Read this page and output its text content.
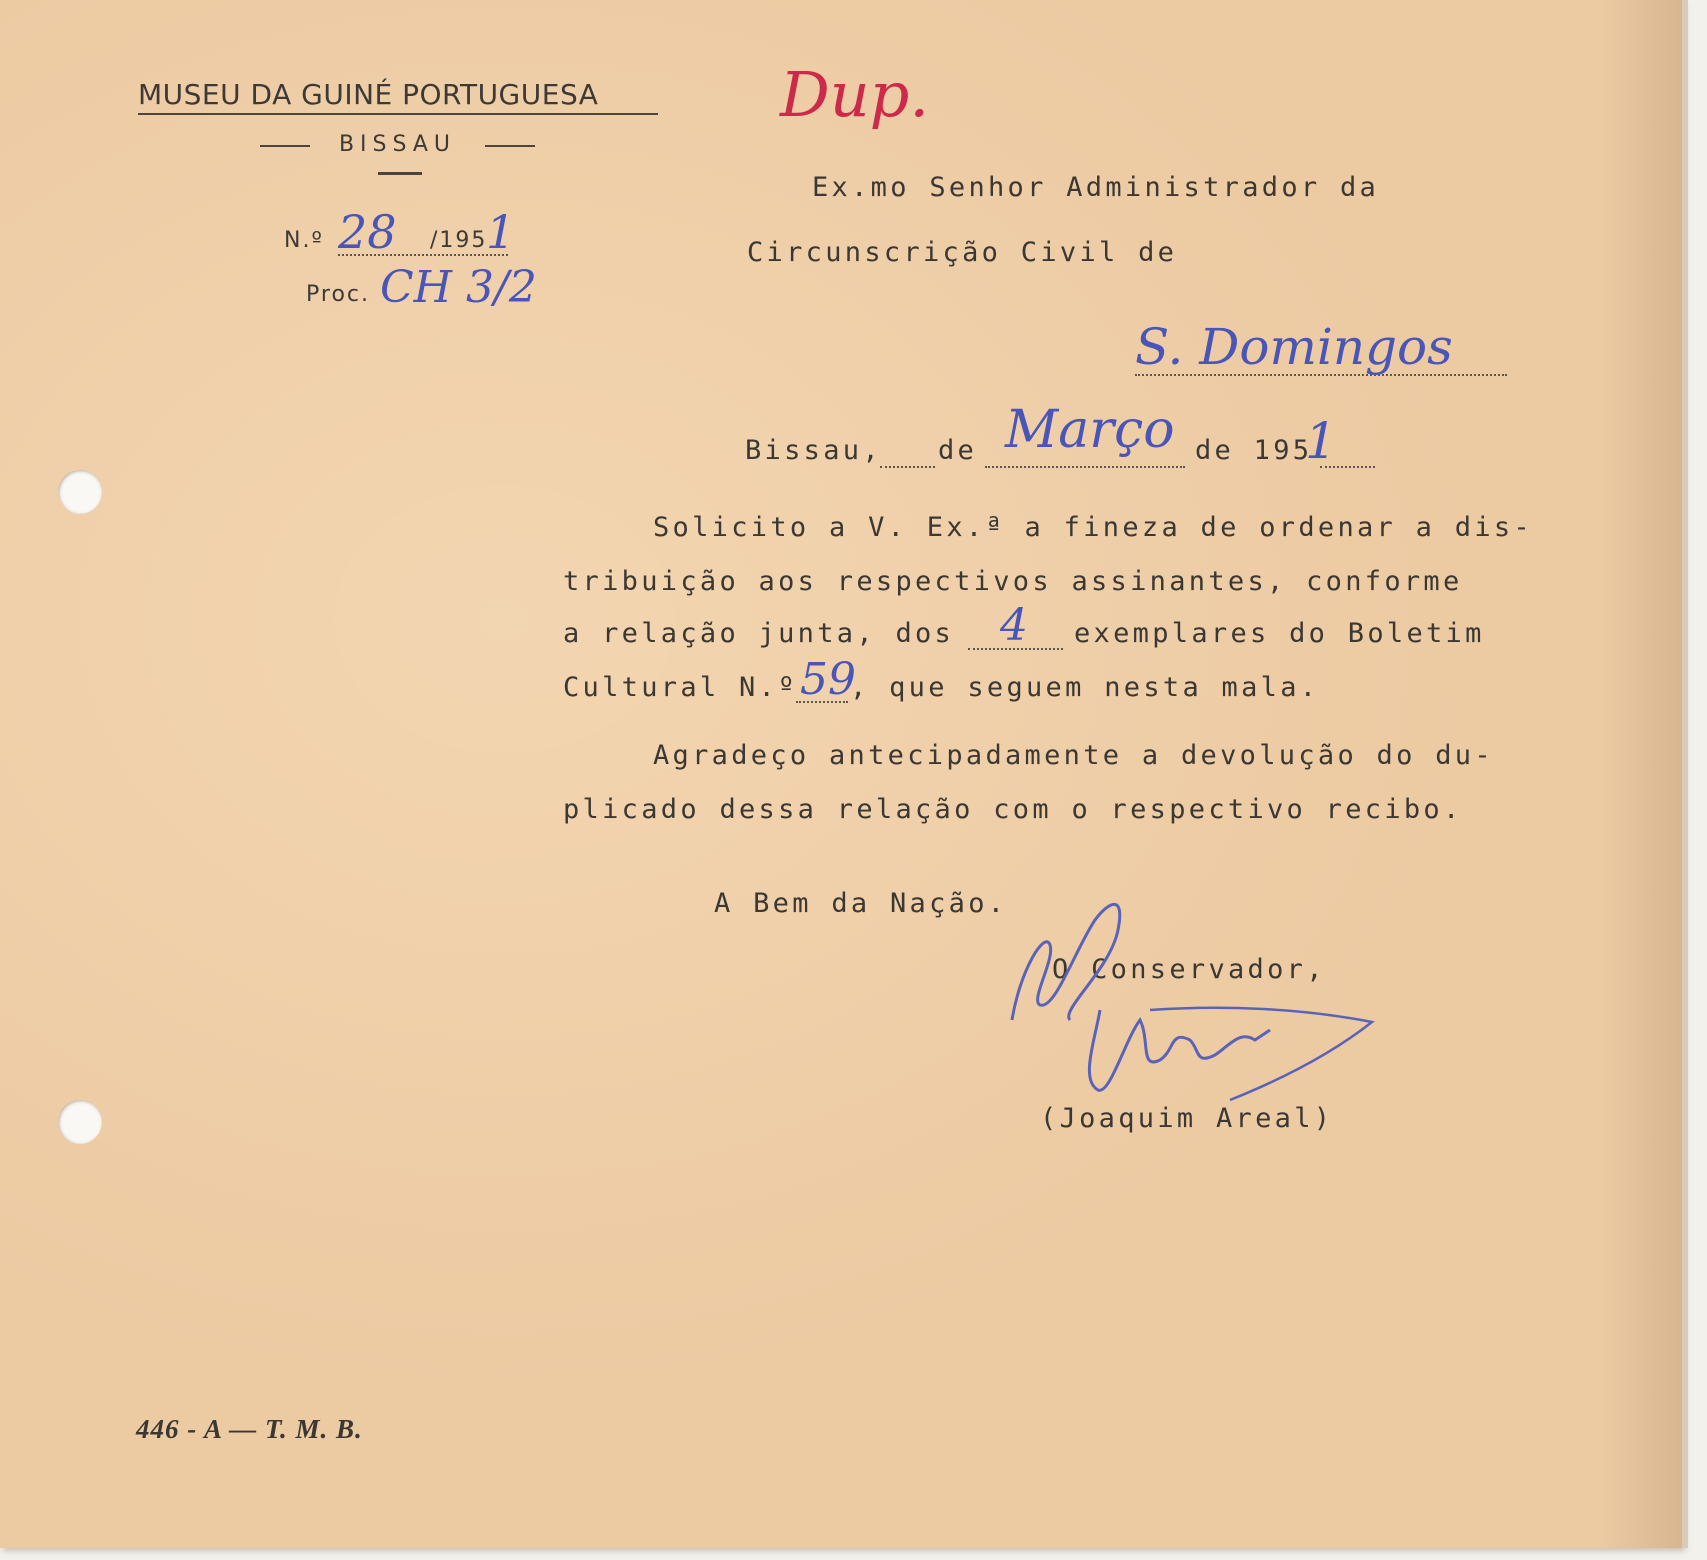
MUSEU DA GUINÉ PORTUGUESA
BISSAU
N.º 28 /195
1
Proc. CH 3/2
Dup.
Ex.mo Senhor Administrador da
Circunscrição Civil de
S. Domingos
Bissau, de Março de 195
1
Solicito a V. Ex.ª a fineza de ordenar a dis-
tribuição aos respectivos assinantes, conforme
a relação junta, dos 4 exemplares do Boletim
Cultural N.º 59
, que seguem nesta mala.
Agradeço antecipadamente a devolução do du-
plicado dessa relação com o respectivo recibo.
A Bem da Nação.
O Conservador,
(Joaquim Areal)
446 - A — T. M. B.
